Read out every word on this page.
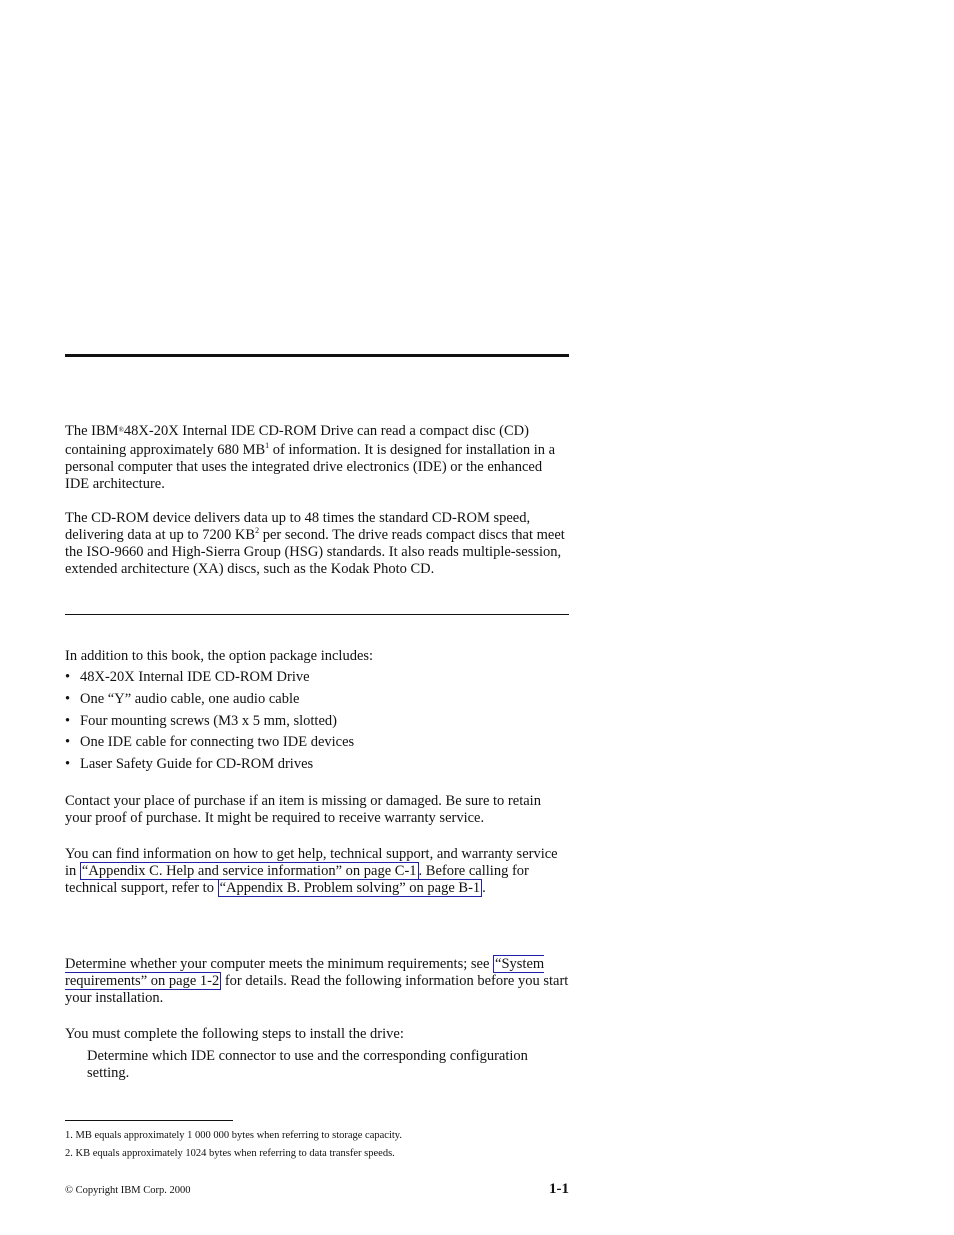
The IBM®48X-20X Internal IDE CD-ROM Drive can read a compact disc (CD) containing approximately 680 $MB^1$ of information. It is designed for installation in a personal computer that uses the integrated drive electronics (IDE) or the enhanced IDE architecture.

The CD-ROM device delivers data up to 48 times the standard CD-ROM speed, delivering data at up to 7200 $KB^2$ per second. The drive reads compact discs that meet the ISO-9660 and High-Sierra Group (HSG) standards. It also reads multiple-session, extended architecture (XA) discs, such as the Kodak Photo CD.

In addition to this book, the option package includes:

• 48X-20X Internal IDE CD-ROM Drive
• One “Y” audio cable, one audio cable
• Four mounting screws (M3 x 5 mm, slotted)
• One IDE cable for connecting two IDE devices
• Laser Safety Guide for CD-ROM drives

Contact your place of purchase if an item is missing or damaged. Be sure to retain your proof of purchase. It might be required to receive warranty service.

You can find information on how to get help, technical support, and warranty service in “Appendix C. Help and service information” on page C-1 . Before calling for technical support, refer to “Appendix B. Problem solving” on page B-1 .

Determine whether your computer meets the minimum requirements; see “System requirements” on page 1-2 for details. Read the following information before you start your installation.

You must complete the following steps to install the drive:

Determine which IDE connector to use and the corresponding configuration setting.

1. MB equals approximately 1 000 000 bytes when referring to storage capacity.

2. KB equals approximately 1024 bytes when referring to data transfer speeds.

© Copyright IBM Corp. 2000	1-1
